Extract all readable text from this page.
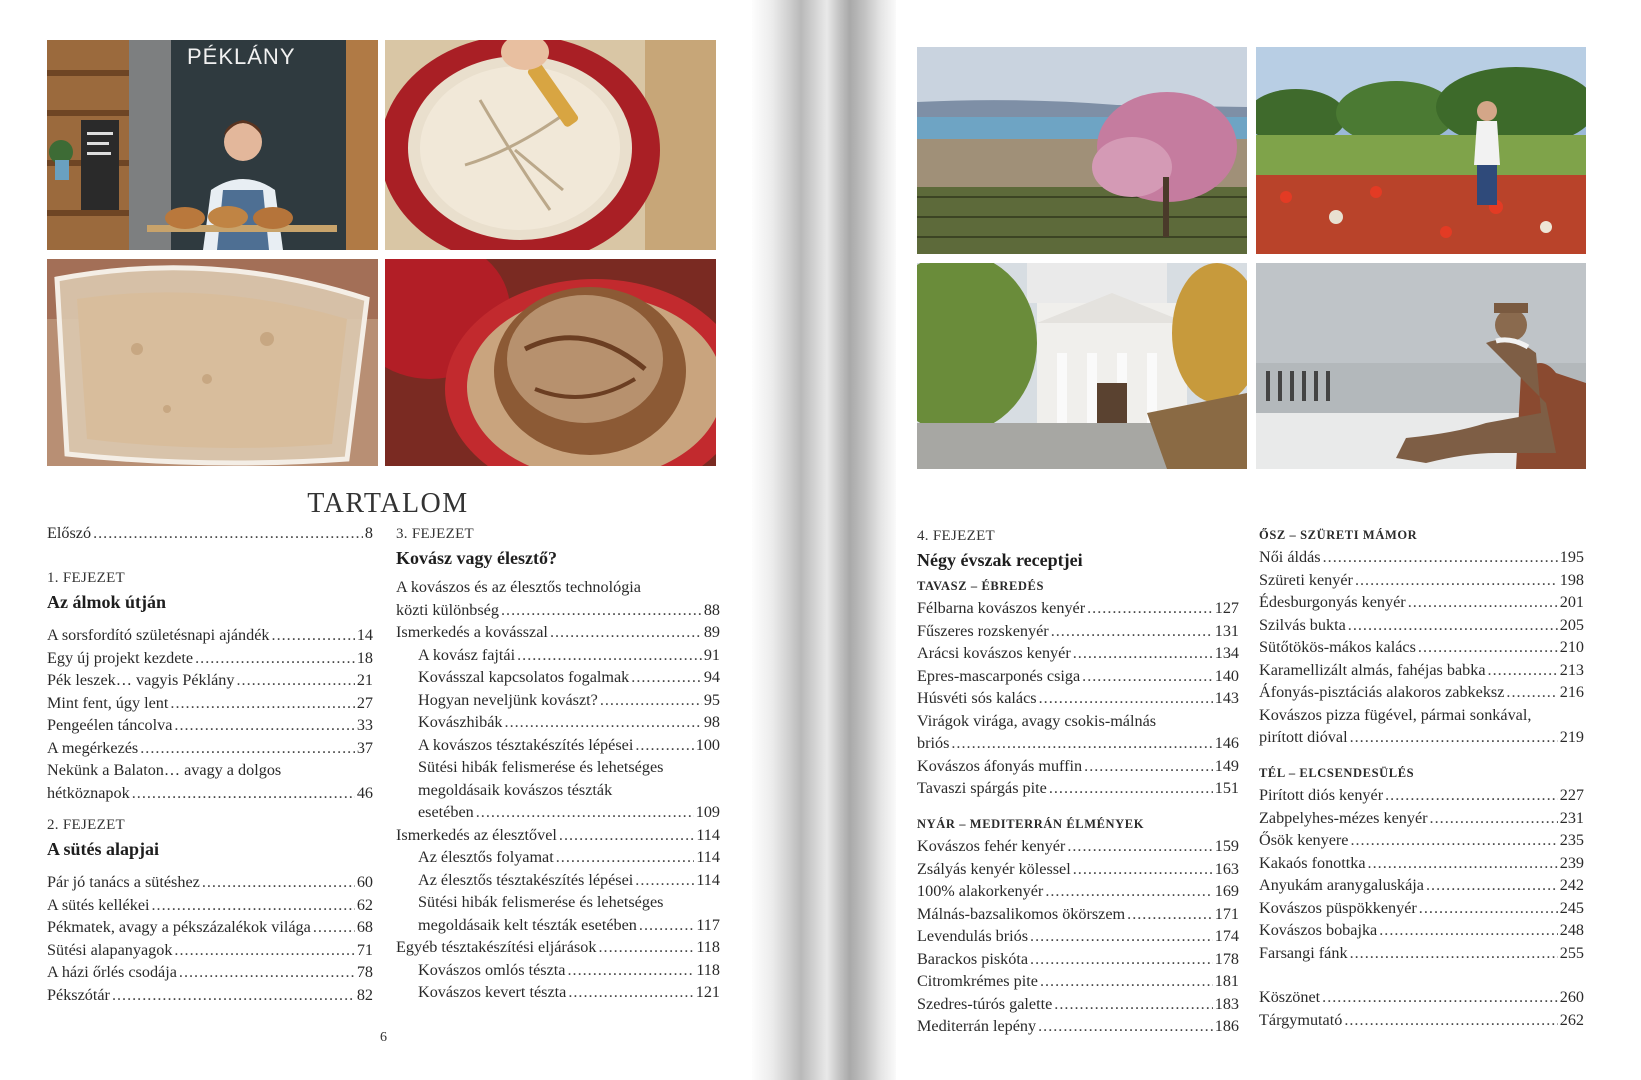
PÉKLÁNY
TARTALOM
Előszó .....	8
1. FEJEZET
Az álmok útján
A sorsfordító születésnapi ajándék .....	14
Egy új projekt kezdete .....	18
Pék leszek… vagyis Péklány .....	21
Mint fent, úgy lent .....	27
Pengeélen táncolva .....	33
A megérkezés .....	37
Nekünk a Balaton… avagy a dolgos
hétköznapok .....	46
2. FEJEZET
A sütés alapjai
Pár jó tanács a sütéshez .....	60
A sütés kellékei .....	62
Pékmatek, avagy a pékszázalékok világa .....	68
Sütési alapanyagok .....	71
A házi őrlés csodája .....	78
Pékszótár .....	82
3. FEJEZET
Kovász vagy élesztő?
A kovászos és az élesztős technológia
közti különbség .....	88
Ismerkedés a kovásszal .....	89
A kovász fajtái .....	91
Kovásszal kapcsolatos fogalmak .....	94
Hogyan neveljünk kovászt? .....	95
Kovászhibák .....	98
A kovászos tésztakészítés lépései .....	100
Sütési hibák felismerése és lehetséges
megoldásaik kovászos tészták
esetében .....	109
Ismerkedés az élesztővel .....	114
Az élesztős folyamat .....	114
Az élesztős tésztakészítés lépései .....	114
Sütési hibák felismerése és lehetséges
megoldásaik kelt tészták esetében .....	117
Egyéb tésztakészítési eljárások .....	118
Kovászos omlós tészta .....	118
Kovászos kevert tészta .....	121
6
4. FEJEZET
Négy évszak receptjei
TAVASZ – ÉBREDÉS
Félbarna kovászos kenyér .....	127
Fűszeres rozskenyér .....	131
Arácsi kovászos kenyér .....	134
Epres-mascarponés csiga .....	140
Húsvéti sós kalács .....	143
Virágok virága, avagy csokis-málnás
briós .....	146
Kovászos áfonyás muffin .....	149
Tavaszi spárgás pite .....	151
NYÁR – MEDITERRÁN ÉLMÉNYEK
Kovászos fehér kenyér .....	159
Zsályás kenyér kölessel .....	163
100% alakorkenyér .....	169
Málnás-bazsalikomos ökörszem .....	171
Levendulás briós .....	174
Barackos piskóta .....	178
Citromkrémes pite .....	181
Szedres-túrós galette .....	183
Mediterrán lepény .....	186
ŐSZ – SZÜRETI MÁMOR
Női áldás .....	195
Szüreti kenyér .....	198
Édesburgonyás kenyér .....	201
Szilvás bukta .....	205
Sütőtökös-mákos kalács .....	210
Karamellizált almás, fahéjas babka .....	213
Áfonyás-pisztáciás alakoros zabkeksz .....	216
Kovászos pizza fügével, pármai sonkával,
pirított dióval .....	219
TÉL – ELCSENDESÜLÉS
Pirított diós kenyér .....	227
Zabpelyhes-mézes kenyér .....	231
Ősök kenyere .....	235
Kakaós fonottka .....	239
Anyukám aranygaluskája .....	242
Kovászos püspökkenyér .....	245
Kovászos bobajka .....	248
Farsangi fánk .....	255
Köszönet .....	260
Tárgymutató .....	262
